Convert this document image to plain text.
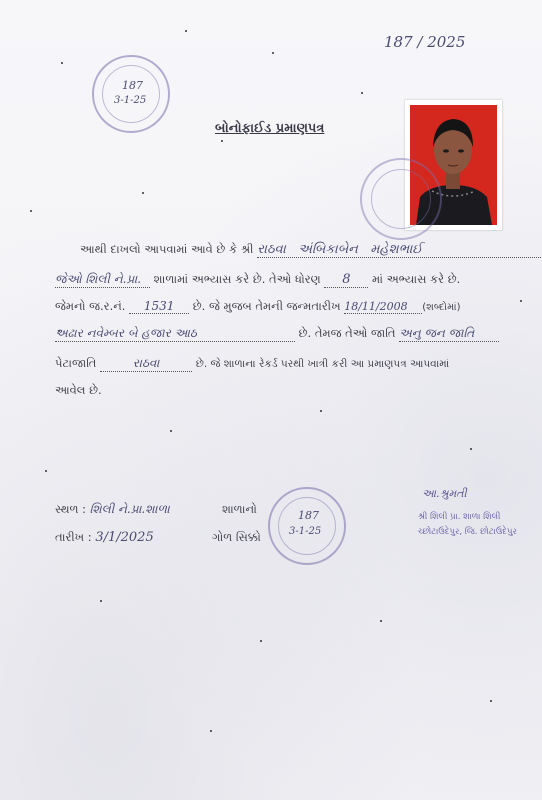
187 / 2025
187
3-1-25
બોનોફાઈડ પ્રમાણપત્ર
આથી દાખલો આપવામાં આવે છે કે શ્રી રાઠવા અંબિકાબેન મહેશભાઈ
જેઓ શિલી ને.પ્રા. શાળામાં અભ્યાસ કરે છે. તેઓ ધોરણ 8 માં અભ્યાસ કરે છે.
જેમનો જ.ર.નં. 1531 છે. જે મુજબ તેમની જન્મતારીખ 18/11/2008 (શબ્દોમાં)
અઢાર નવેમ્બર બે હજાર આઠ	છે. તેમજ તેઓ જાતિ અનુ જન જાતિ
પેટાજાતિ	રાઠવા	છે. જે શાળાના રેકર્ડ પરથી ખાત્રી કરી આ પ્રમાણપત્ર આપવામાં
આવેલ છે.
સ્થળ : શિલી ને.પ્રા.શાળા
તારીખ : 3/1/2025
શાળાનો
ગોળ સિક્કો
187
3-1-25
આ.શ્રુમતી
શ્રી શિલી પ્રા. શાળા શિલી
ચ્છોટાઉદેપુર, જિ. છોટાઉદેપુર
